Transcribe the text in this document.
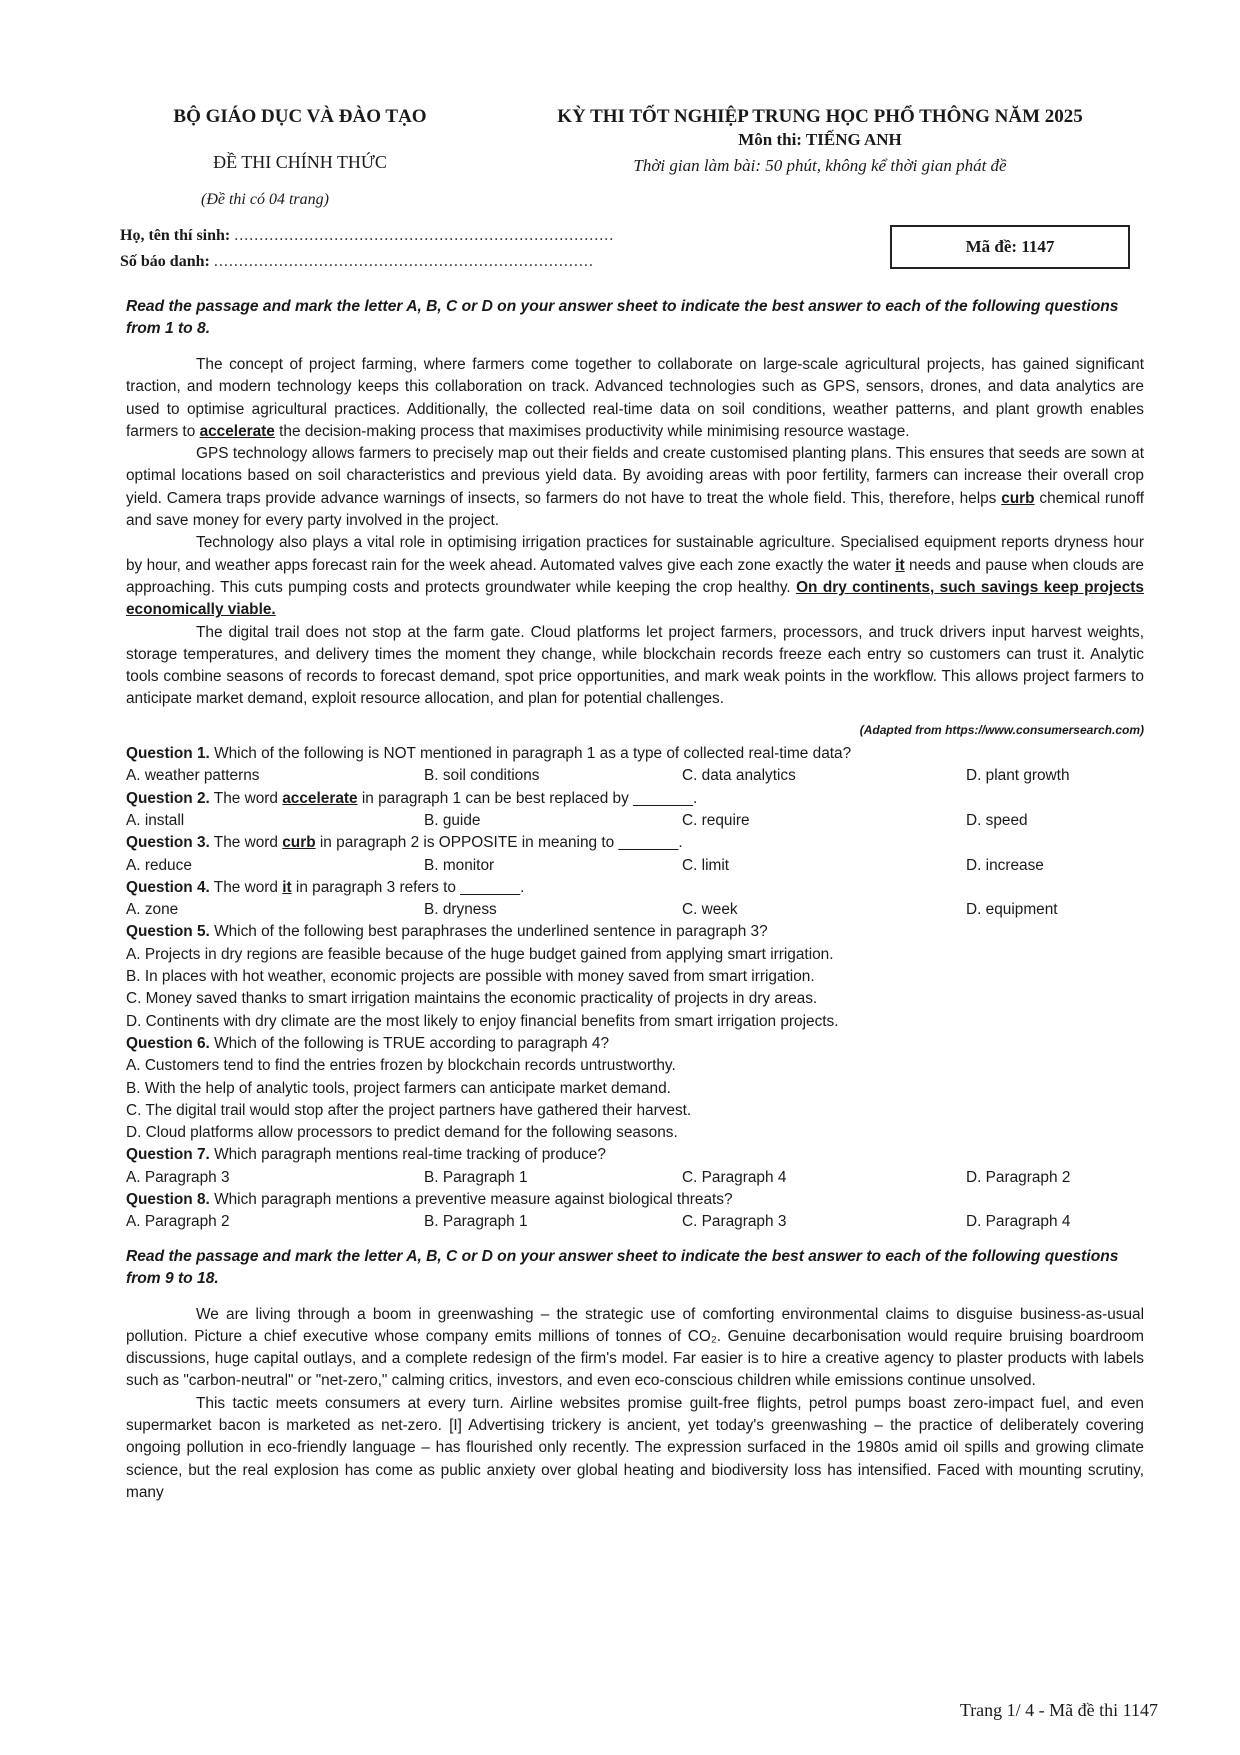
BỘ GIÁO DỤC VÀ ĐÀO TẠO
ĐỀ THI CHÍNH THỨC
(Đề thi có 04 trang)
KỲ THI TỐT NGHIỆP TRUNG HỌC PHỔ THÔNG NĂM 2025
Môn thi: TIẾNG ANH
Thời gian làm bài: 50 phút, không kể thời gian phát đề
Họ, tên thí sinh: ............................................................................
Số báo danh: ............................................................................
Mã đề: 1147

Read the passage and mark the letter A, B, C or D on your answer sheet to indicate the best answer to each of the following questions from 1 to 8.

The concept of project farming, where farmers come together to collaborate on large-scale agricultural projects, has gained significant traction, and modern technology keeps this collaboration on track. Advanced technologies such as GPS, sensors, drones, and data analytics are used to optimise agricultural practices. Additionally, the collected real-time data on soil conditions, weather patterns, and plant growth enables farmers to accelerate the decision-making process that maximises productivity while minimising resource wastage.

GPS technology allows farmers to precisely map out their fields and create customised planting plans. This ensures that seeds are sown at optimal locations based on soil characteristics and previous yield data. By avoiding areas with poor fertility, farmers can increase their overall crop yield. Camera traps provide advance warnings of insects, so farmers do not have to treat the whole field. This, therefore, helps curb chemical runoff and save money for every party involved in the project.

Technology also plays a vital role in optimising irrigation practices for sustainable agriculture. Specialised equipment reports dryness hour by hour, and weather apps forecast rain for the week ahead. Automated valves give each zone exactly the water it needs and pause when clouds are approaching. This cuts pumping costs and protects groundwater while keeping the crop healthy. On dry continents, such savings keep projects economically viable.

The digital trail does not stop at the farm gate. Cloud platforms let project farmers, processors, and truck drivers input harvest weights, storage temperatures, and delivery times the moment they change, while blockchain records freeze each entry so customers can trust it. Analytic tools combine seasons of records to forecast demand, spot price opportunities, and mark weak points in the workflow. This allows project farmers to anticipate market demand, exploit resource allocation, and plan for potential challenges.

(Adapted from https://www.consumersearch.com)

Question 1. Which of the following is NOT mentioned in paragraph 1 as a type of collected real-time data?

A. weather patterns	B. soil conditions	C. data analytics	D. plant growth

Question 2. The word accelerate in paragraph 1 can be best replaced by _______.

A. install	B. guide	C. require	D. speed

Question 3. The word curb in paragraph 2 is OPPOSITE in meaning to _______.

A. reduce	B. monitor	C. limit	D. increase

Question 4. The word it in paragraph 3 refers to _______.

A. zone	B. dryness	C. week	D. equipment

Question 5. Which of the following best paraphrases the underlined sentence in paragraph 3?

A. Projects in dry regions are feasible because of the huge budget gained from applying smart irrigation.

B. In places with hot weather, economic projects are possible with money saved from smart irrigation.

C. Money saved thanks to smart irrigation maintains the economic practicality of projects in dry areas.

D. Continents with dry climate are the most likely to enjoy financial benefits from smart irrigation projects.

Question 6. Which of the following is TRUE according to paragraph 4?

A. Customers tend to find the entries frozen by blockchain records untrustworthy.

B. With the help of analytic tools, project farmers can anticipate market demand.

C. The digital trail would stop after the project partners have gathered their harvest.

D. Cloud platforms allow processors to predict demand for the following seasons.

Question 7. Which paragraph mentions real-time tracking of produce?

A. Paragraph 3	B. Paragraph 1	C. Paragraph 4	D. Paragraph 2

Question 8. Which paragraph mentions a preventive measure against biological threats?

A. Paragraph 2	B. Paragraph 1	C. Paragraph 3	D. Paragraph 4

Read the passage and mark the letter A, B, C or D on your answer sheet to indicate the best answer to each of the following questions from 9 to 18.

We are living through a boom in greenwashing – the strategic use of comforting environmental claims to disguise business-as-usual pollution. Picture a chief executive whose company emits millions of tonnes of CO₂. Genuine decarbonisation would require bruising boardroom discussions, huge capital outlays, and a complete redesign of the firm's model. Far easier is to hire a creative agency to plaster products with labels such as "carbon-neutral" or "net-zero," calming critics, investors, and even eco-conscious children while emissions continue unsolved.

This tactic meets consumers at every turn. Airline websites promise guilt-free flights, petrol pumps boast zero-impact fuel, and even supermarket bacon is marketed as net-zero. [I] Advertising trickery is ancient, yet today's greenwashing – the practice of deliberately covering ongoing pollution in eco-friendly language – has flourished only recently. The expression surfaced in the 1980s amid oil spills and growing climate science, but the real explosion has come as public anxiety over global heating and biodiversity loss has intensified. Faced with mounting scrutiny, many

Trang 1/ 4 - Mã đề thi 1147
